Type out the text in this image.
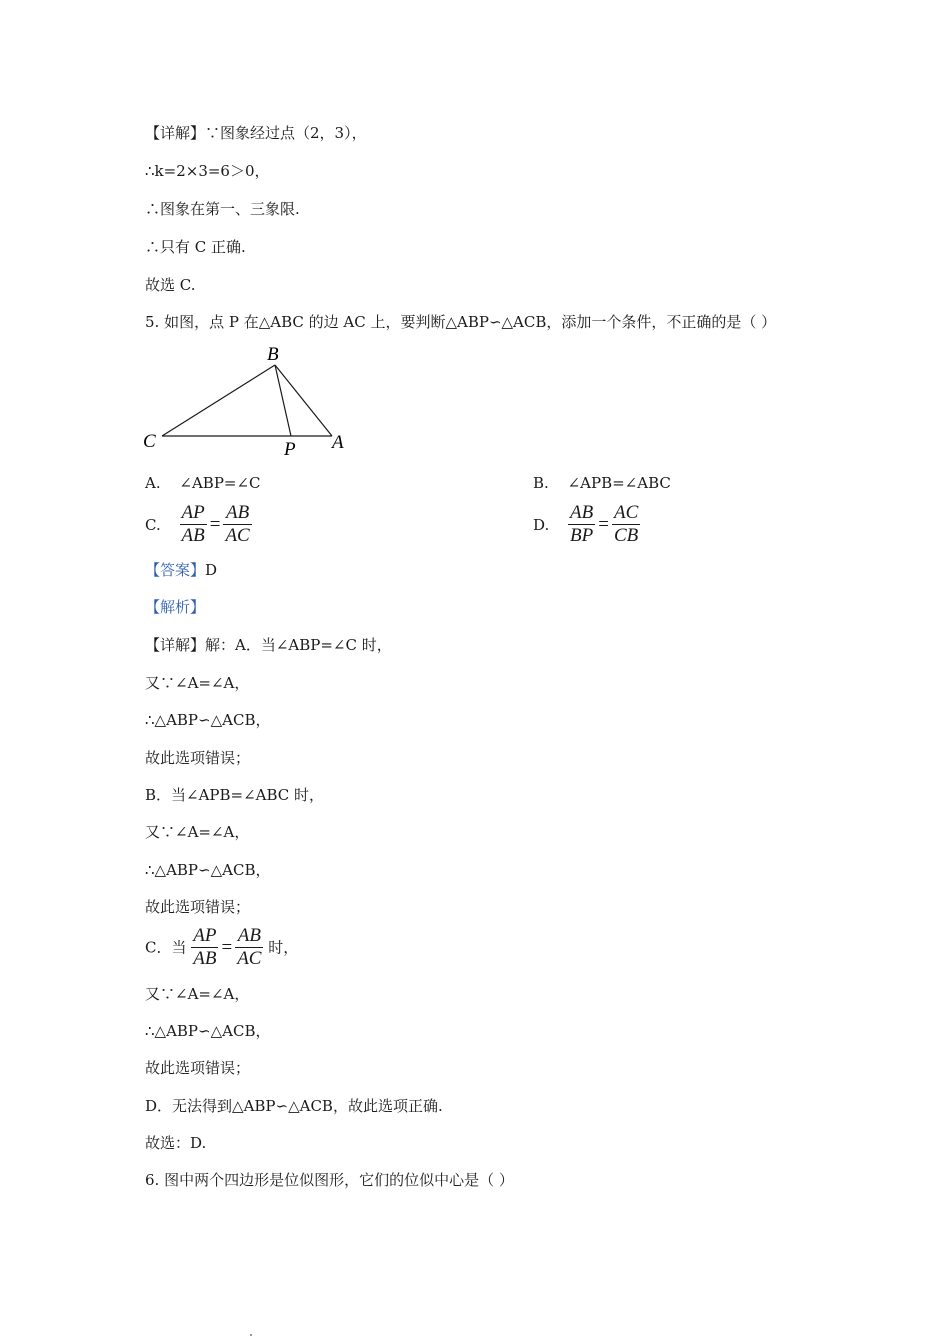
【详解】∵图象经过点（2，3），
∴k=2×3=6＞0，
∴图象在第一、三象限.
∴只有 C 正确.
故选 C.
5. 如图，点 P 在△ABC 的边 AC 上，要判断△ABP∽△ACB，添加一个条件，不正确的是（ ）
B
C	P A
A. ∠ABP=∠C	B. ∠APB=∠ABC
C. $\frac{AP}{AB} = \frac{AB}{AC}$	D. $\frac{AB}{BP} = \frac{AC}{CB}$
【答案】D
【解析】
【详解】解：A．当∠ABP=∠C 时，
又∵∠A=∠A，
∴△ABP∽△ACB，
故此选项错误；
B．当∠APB=∠ABC 时，
又∵∠A=∠A，
∴△ABP∽△ACB，
故此选项错误；
C．当 $\frac{AP}{AB} = \frac{AB}{AC}$ 时，
又∵∠A=∠A，
∴△ABP∽△ACB，
故此选项错误；
D．无法得到△ABP∽△ACB，故此选项正确.
故选：D.
6. 图中两个四边形是位似图形，它们的位似中心是（ ）
